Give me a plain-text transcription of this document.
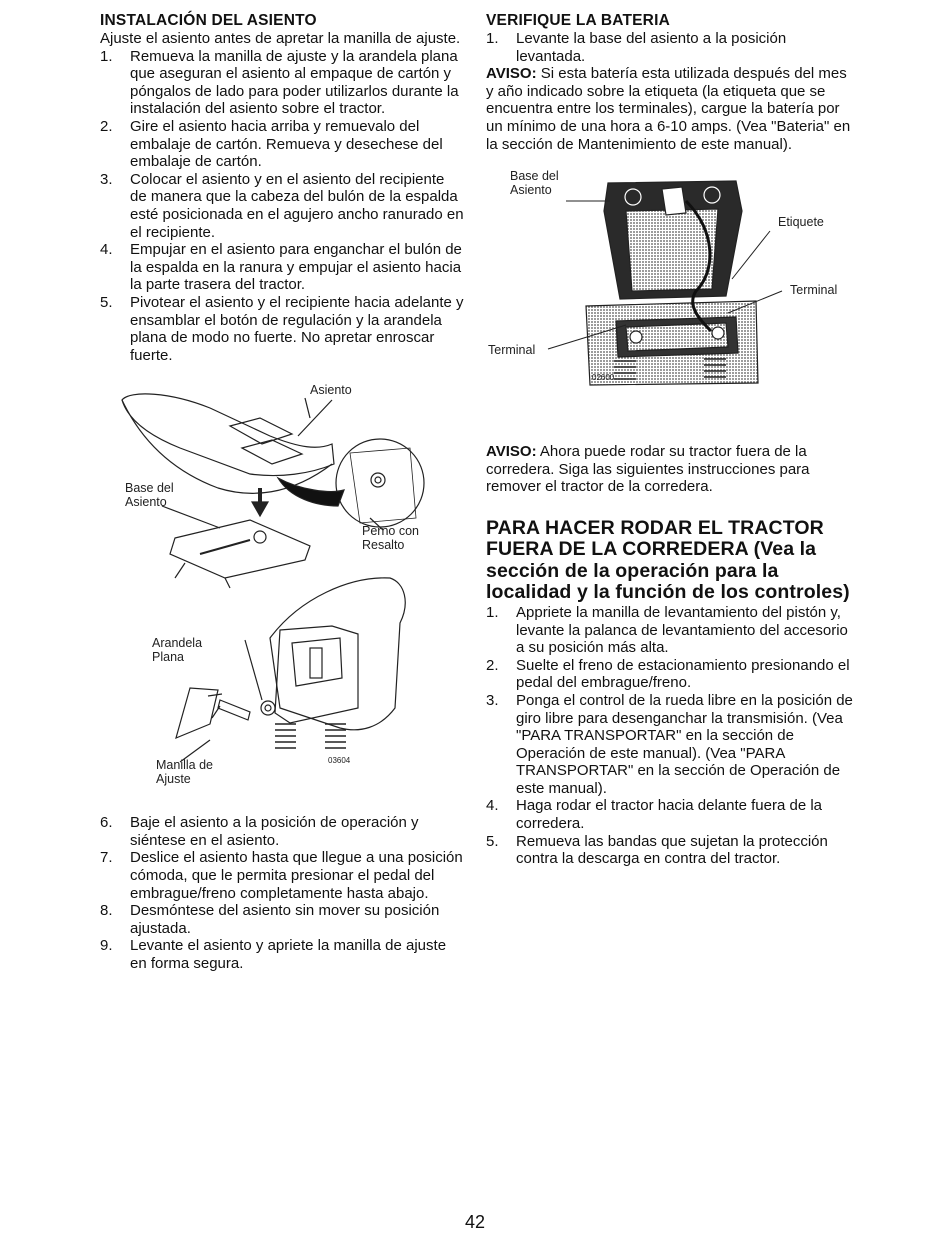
INSTALACIÓN DEL ASIENTO

Ajuste el asiento antes de apretar la manilla de ajuste.

1. Remueva la manilla de ajuste y la arandela plana que aseguran el asiento al empaque de cartón y póngalos de lado para poder utilizarlos durante la instalación del asiento sobre el tractor.
2. Gire el asiento hacia arriba y remuevalo del embalaje de cartón. Remueva y desechese del embalaje de cartón.
3. Colocar el asiento y en el asiento del recipiente de manera que la cabeza del bulón de la espalda esté posicionada en el agujero ancho ranurado en el recipiente.
4. Empujar en el asiento para enganchar el bulón de la espalda en la ranura y empujar el asiento hacia la parte trasera del tractor.
5. Pivotear el asiento y el recipiente hacia adelante y ensamblar el botón de regulación y la arandela plana de modo no fuerte. No apretar enroscar fuerte.
Asiento
Base del Asiento
Perno con Resalto
Arandela Plana
Manilla de Ajuste
03604
6. Baje el asiento a la posición de operación y siéntese en el asiento.
7. Deslice el asiento hasta que llegue a una posición cómoda, que le permita presionar el pedal del embrague/freno completamente hasta abajo.
8. Desmóntese del asiento sin mover su posición ajustada.
9. Levante el asiento y apriete la manilla de ajuste en forma segura.
VERIFIQUE LA BATERIA
1. Levante la base del asiento a la posición levantada.

AVISO: Si esta batería esta utilizada después del mes y año indicado sobre la etiqueta (la etiqueta que se encuentra entre los terminales), cargue la batería por un mínimo de una hora a 6-10 amps. (Vea "Bateria" en la sección de Mantenimiento de este manual).

Base del Asiento
Etiquete
Terminal
Terminal
02600

AVISO: Ahora puede rodar su tractor fuera de la corredera. Siga las siguientes instrucciones para remover el tractor de la corredera.

PARA HACER RODAR EL TRACTOR FUERA DE LA CORREDERA (Vea la sección de la operación para la localidad y la función de los controles)
1. Appriete la manilla de levantamiento del pistón y, levante la palanca de levantamiento del accesorio a su posición más alta.
2. Suelte el freno de estacionamiento presionando el pedal del embrague/freno.
3. Ponga el control de la rueda libre en la posición de giro libre para desenganchar la transmisión. (Vea "PARA TRANSPORTAR" en la sección de Operación de este manual). (Vea "PARA TRANSPORTAR" en la sección de Operación de este manual).
4. Haga rodar el tractor hacia delante fuera de la corredera.
5. Remueva las bandas que sujetan la protección contra la descarga en contra del tractor.
42
